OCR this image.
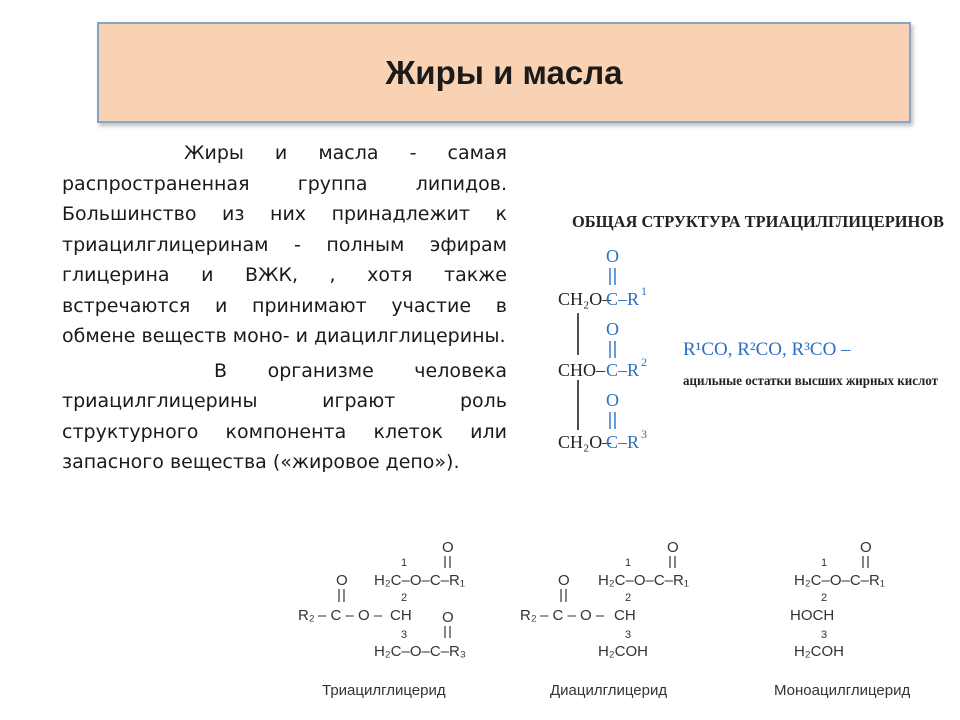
Жиры и масла

Жиры и масла - самая распространенная группа липидов. Большинство из них принадлежит к триацилглицеринам - полным эфирам глицерина и ВЖК, , хотя также встречаются и принимают участие в обмене веществ моно- и диацилглицерины.

В организме человека триацилглицерины играют роль структурного компонента клеток или запасного вещества («жировое депо»).

ОБЩАЯ СТРУКТУРА ТРИАЦИЛГЛИЦЕРИНОВ
O
CH₂O–
C–R 1
O
CHO– C–R 2
O
CH₂O–
C–R 3
R¹CO, R²CO, R³CO –
ацильные остатки высших жирных кислот
O
O
O
1
H₂C–O–C–R₁
2
R₂ – C – O – CH
3
H₂C–O–C–R₃
Триацилглицерид
O
O
1
H₂C–O–C–R₁
2
R₂ – C – O – CH
3
H₂COH
Диацилглицерид
O
1
H₂C–O–C–R₁
2
HOCH
3
H₂COH
Моноацилглицерид
